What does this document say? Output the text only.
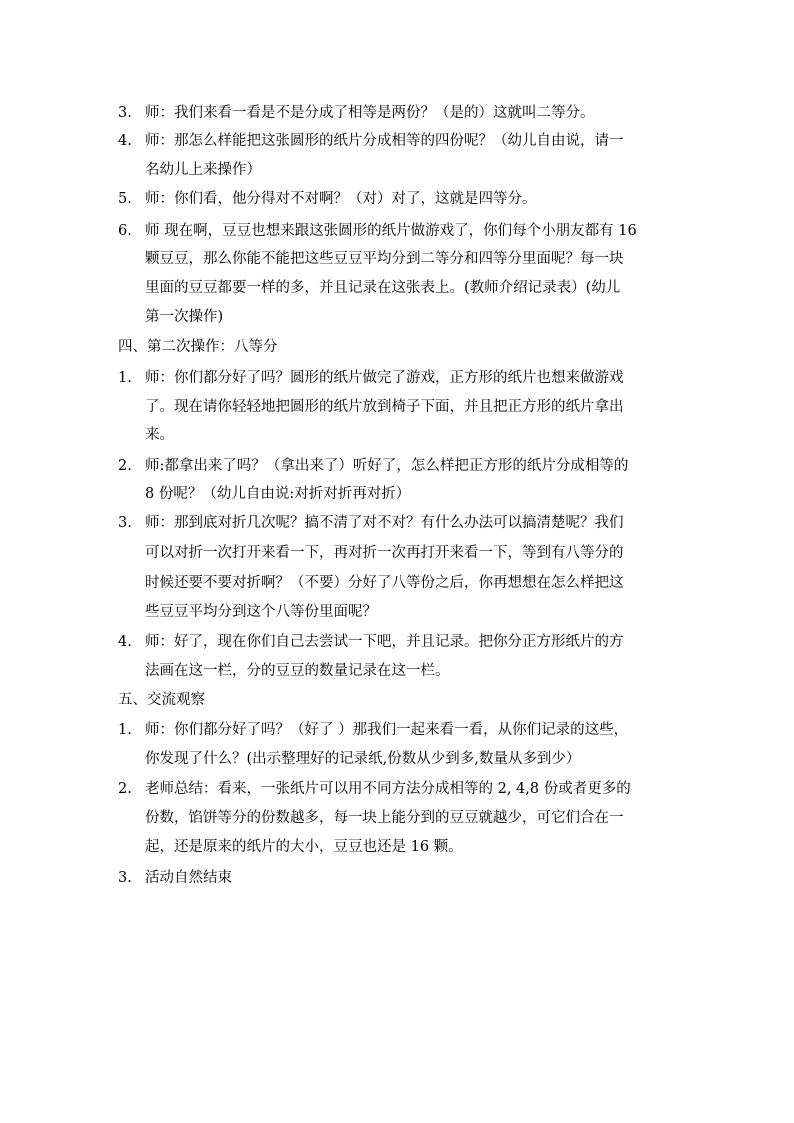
3. 师：我们来看一看是不是分成了相等是两份？（是的）这就叫二等分。
4. 师：那怎么样能把这张圆形的纸片分成相等的四份呢？（幼儿自由说，请一
名幼儿上来操作）
5. 师：你们看，他分得对不对啊？（对）对了，这就是四等分。
6. 师 现在啊，豆豆也想来跟这张圆形的纸片做游戏了，你们每个小朋友都有 16
颗豆豆，那么你能不能把这些豆豆平均分到二等分和四等分里面呢？每一块
里面的豆豆都要一样的多，并且记录在这张表上。(教师介绍记录表）(幼儿
第一次操作)
四、第二次操作：八等分
1. 师：你们都分好了吗？圆形的纸片做完了游戏，正方形的纸片也想来做游戏
了。现在请你轻轻地把圆形的纸片放到椅子下面，并且把正方形的纸片拿出
来。
2. 师:都拿出来了吗？（拿出来了）听好了，怎么样把正方形的纸片分成相等的
8 份呢？（幼儿自由说:对折对折再对折）
3. 师：那到底对折几次呢？搞不清了对不对？有什么办法可以搞清楚呢？我们
可以对折一次打开来看一下，再对折一次再打开来看一下，等到有八等分的
时候还要不要对折啊？（不要）分好了八等份之后，你再想想在怎么样把这
些豆豆平均分到这个八等份里面呢？
4. 师：好了，现在你们自己去尝试一下吧，并且记录。把你分正方形纸片的方
法画在这一栏，分的豆豆的数量记录在这一栏。
五、交流观察
1. 师：你们都分好了吗？（好了 ）那我们一起来看一看，从你们记录的这些，
你发现了什么？(出示整理好的记录纸,份数从少到多,数量从多到少）
2. 老师总结：看来，一张纸片可以用不同方法分成相等的 2, 4,8 份或者更多的
份数，馅饼等分的份数越多，每一块上能分到的豆豆就越少，可它们合在一
起，还是原来的纸片的大小，豆豆也还是 16 颗。
3. 活动自然结束
